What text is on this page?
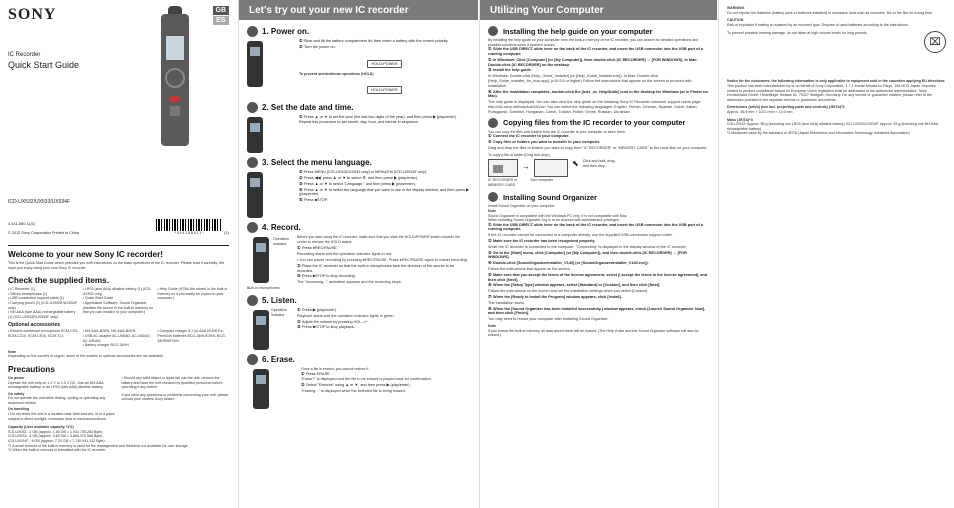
SONY
IC Recorder
Quick Start Guide
GB
ES
ICD-UX532/UX533/UX534F
4-441-880-11(1)
© 2012 Sony Corporation Printed in China	* 4 4 4 1 8 8 0 1 1 *	(1)
Welcome to your new Sony IC recorder!
This is the Quick Start Guide which provides you with instructions on the basic operations of the IC recorder. Please read it carefully. We hope you enjoy using your new Sony IC recorder.
Check the supplied items.
• IC Recorder (1)
• Stereo headphones (1)
• USB connection support cable (1)
• Carrying pouch (1) (ICD-UX533F/UX534F only)
• NH-AAA (size AAA) rechargeable battery (1) (ICD-UX533F/UX534F only)
• LR03 (size AAA) alkaline battery (1) (ICD-UX532 only)
• Quick Start Guide
• Application Software, Sound Organizer (installer file stored in the built-in memory so that you can install it to your computer.)
• Help Guide (HTML file stored in the built-in memory so it can easily be copied to your computer.)
Optional accessories
• Electret condenser microphone ECM-CS3, ECM-CZ10, ECM-CS10, ECM-TL1
• NH-AAA-B2KN, NH-AAA-B2EN
• USB AC adaptor AC-U50AD, AC-U50AG, AC-U50AG
• Battery charger BCG-34HH
• Compact charger & 2 pc AAA Ni-MH Ex-Premium batteries BCG-34HUE2KN, BCG-34HRMF2KN
Note
Depending on the country or region, some of the models or optional accessories are not available.
Precautions
On power
Operate the unit only on 1.2 V or 1.5 V DC. Use an NH-AAA rechargeable battery or an LR03 (size AAA) alkaline battery.
On safety
Do not operate the unit while driving, cycling or operating any motorized vehicle.
On handling
• Do not leave the unit in a location near heat sources, or in a place subject to direct sunlight, excessive dust or mechanical shock.
• Should any solid object or liquid fall into the unit, remove the battery and have the unit checked by qualified personnel before operating it any further.
If you have any questions or problems concerning your unit, please consult your nearest Sony dealer.
Capacity (User available capacity *1*2)
ICD-UX532 : 2 GB (approx. 1.60 GB = 1,932,735,283 Byte)
ICD-UX533 : 4 GB (approx. 3.60 GB = 3,865,470,566 Byte)
ICD-UX534F : 8 GB (approx. 7.20 GB = 7,730,941,132 Byte)
*1 A small amount of the built-in memory is used for the management and therefore not available for user storage.
*2 When the built-in memory is formatted with the IC recorder.
Let's try out your new IC recorder
1. Power on.
① Slide and lift the battery compartment lid, then insert a battery with the correct polarity.
② Turn the power on.
HOLD•POWER
To prevent unintentional operations (HOLD)
HOLD•POWER
2. Set the date and time.
① Press ▲ or ▼ to set the year (the last two digits of the year), and then press ▶ (play/enter). Repeat this procedure to set month, day, hour, and minute in sequence.
3. Select the menu language.
① Press MENU (ICD-UX532/UX533 only) or MENU/FM (ICD-UX534F only).
② Press ◀◀, press ▲ or ▼ to select ⚙, and then press ▶ (play/enter).
③ Press ▲ or ▼ to select "Language," and then press ▶ (play/enter).
④ Press ▲ or ▼ to select the language that you want to use in the display window, and then press ▶ (play/enter).
⑤ Press ■STOP.
4. Record.
Operation indicator
Built-in microphones
Before you start using the IC recorder, make sure that you slide the HOLD•POWER switch towards the center to release the HOLD status.
① Press ●REC/PAUSE.
Recording starts and the operation indicator lights in red.
• You can pause recording by pressing ●REC/PAUSE. Press ●REC/PAUSE again to restart recording.
② Place the IC recorder so that the built-in microphones face the direction of the source to be recorded.
③ Press ■STOP to stop recording.
The "Accessing..." animation appears and the recording stops.
5. Listen.
Operation indicator
① Press ▶ (play/enter).
Playback starts and the operation indicator lights in green.
② Adjust the volume by pressing VOL –/+.
③ Press ■STOP to stop playback.
6. Erase.
Once a file is erased, you cannot restore it.
① Press ERASE.
"Erase?" is displayed and the file to be erased is played back for confirmation.
② Select "Execute" using ▲ or ▼, and then press ▶ (play/enter).
"Erasing..." is displayed while the selected file is being erased.
Utilizing Your Computer
Installing the help guide on your computer
By installing the help guide on your computer from the built-in memory of the IC recorder, you can search for detailed operations and possible solutions when a problem occurs.
① Slide the USB DIRECT slide lever on the back of the IC recorder, and insert the USB connector into the USB port of a running computer.
② In Windows: Click [Computer] (or [My Computer]), then double-click [IC RECORDER] → [FOR WINDOWS]. In Mac: Double-click [IC RECORDER] on the desktop.
③ Install the help guide.
In Windows: Double-click [Help_Guide_Installer] (or [Help_Guide_Installer.exe]). In Mac: Double-click [Help_Guide_Installer_for_mac.app]. (v10.5.8 or higher) Follow the instructions that appear on the screen to proceed with installation.
④ After the installation completes, double-click the [icdx_ux_HelpGuide] icon in the desktop for Windows (or in Finder for Mac).
The help guide is displayed. You can also view the help guide on the following Sony IC Recorder customer support home page: http://rd1.sony.net/help/icd/u50/ce/ You can select the following languages: English, French, German, Spanish, Dutch, Italian, Portuguese, Swedish, Hungarian, Czech, Turkish, Polish, Greek, Russian, Ukrainian
Copying files from the IC recorder to your computer
You can copy the files and folders from the IC recorder to your computer to store them.
① Connect the IC recorder to your computer.
② Copy files or folders you want to transfer to your computer.
Drag and drop the files or folders you want to copy from "IC RECORDER" or "MEMORY CARD" to the local disk on your computer.
To copy a file or folder (Drag and drop)
→	⬉ Click and hold, drag, and then drop.
IC RECORDER or MEMORY CARD
Your computer
Installing Sound Organizer
Install Sound Organizer on your computer.
Note
Sound Organizer is compatible with the Windows PC only. It is not compatible with Mac.
When installing Sound Organizer, log in to an account with administrator privileges.
① Slide the USB DIRECT slide lever on the back of the IC recorder, and insert the USB connector into the USB port of a running computer.
If the IC recorder cannot be connected to a computer directly, use the supplied USB connection support cable.
② Make sure the IC recorder has been recognized properly.
While the IC recorder is connected to the computer, "Connecting" is displayed in the display window of the IC recorder.
③ Go to the [Start] menu, click [Computer] (or [My Computer]), and then double-click [IC RECORDER] → [FOR WINDOWS].
④ Double-click [SoundOrganizerInstaller_V140] (or [SoundOrganizerInstaller_V140.exe]).
Follow the instructions that appear on the screen.
⑤ Make sure that you accept the terms of the license agreement, select [I accept the terms in the license agreement], and then click [Next].
⑥ When the [Setup Type] window appears, select [Standard] or [Custom], and then click [Next].
Follow the instructions on the screen and set the installation settings when you select [Custom].
⑦ When the [Ready to Install the Program] window appears, click [Install].
The installation starts.
⑧ When the [Sound Organizer has been installed successfully.] window appears, check [Launch Sound Organizer Now], and then click [Finish].
You may need to restart your computer after installing Sound Organizer.
Note
If you format the built-in memory, all data stored there will be erased. (The Help Guide and the Sound Organizer software will also be erased.)
WARNING
Do not expose the batteries (battery pack or batteries installed) to excessive heat such as sunshine, fire or the like for a long time.
CAUTION
Risk of explosion if battery is replaced by an incorrect type. Dispose of used batteries according to the instructions.
To prevent possible hearing damage, do not listen at high volume levels for long periods.
⌧
Notice for the customers: the following information is only applicable to equipment sold in the countries applying EU directives
This product has been manufactured by or on behalf of Sony Corporation, 1-7-1 Konan Minato-ku Tokyo, 108-0075 Japan. Inquiries related to product compliance based on European Union legislation shall be addressed to the authorized representative, Sony Deutschland GmbH, Hedelfinger Strasse 61, 70327 Stuttgart, Germany. For any service or guarantee matters, please refer to the addresses provided in the separate service or guarantee documents.
Dimensions (w/h/d) (not incl. projecting parts and controls) (JEITA)*3
Approx. 36.6 mm × 102.0 mm × 13.9 mm
Mass (JEITA)*3
ICD-UX532: Approx. 58 g (including one LR03 (size AAA) alkaline battery) ICD-UX533/UX534F: Approx. 53 g (including one NH-AAA rechargeable battery)
*3 Measured value by the standard of JEITA (Japan Electronics and Information Technology Industries Association)
